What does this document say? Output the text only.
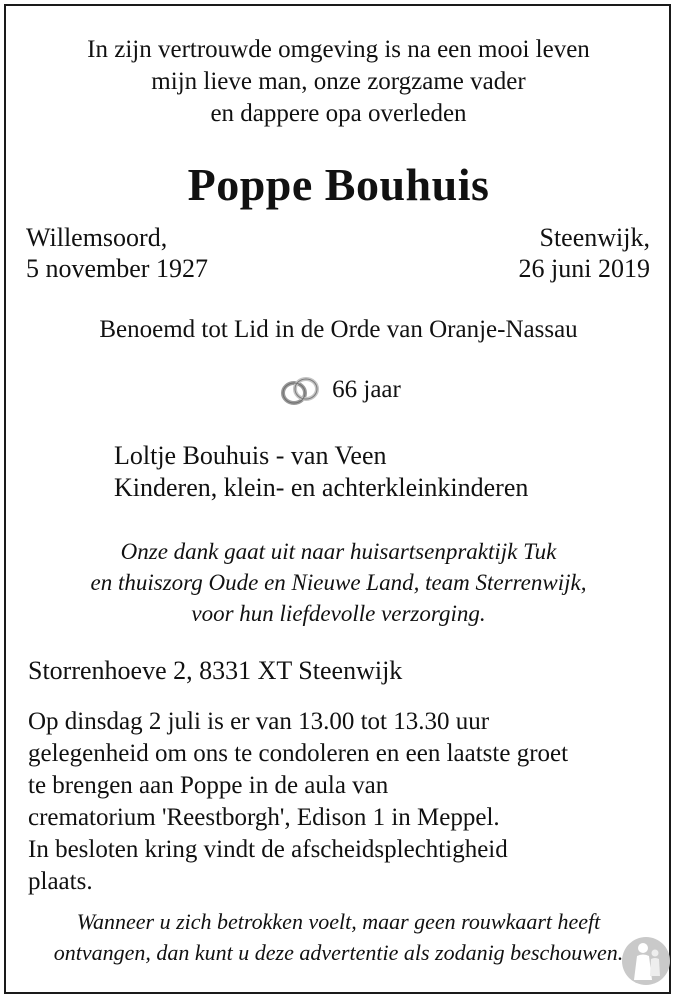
In zijn vertrouwde omgeving is na een mooi leven
mijn lieve man, onze zorgzame vader
en dappere opa overleden
Poppe Bouhuis
Willemsoord,
5 november 1927
Steenwijk,
26 juni 2019
Benoemd tot Lid in de Orde van Oranje-Nassau
66 jaar
Loltje Bouhuis - van Veen
Kinderen, klein- en achterkleinkinderen
Onze dank gaat uit naar huisartsenpraktijk Tuk
en thuiszorg Oude en Nieuwe Land, team Sterrenwijk,
voor hun liefdevolle verzorging.
Storrenhoeve 2, 8331 XT Steenwijk
Op dinsdag 2 juli is er van 13.00 tot 13.30 uur
gelegenheid om ons te condoleren en een laatste groet
te brengen aan Poppe in de aula van
crematorium 'Reestborgh', Edison 1 in Meppel.
In besloten kring vindt de afscheidsplechtigheid
plaats.
Wanneer u zich betrokken voelt, maar geen rouwkaart heeft
ontvangen, dan kunt u deze advertentie als zodanig beschouwen.
